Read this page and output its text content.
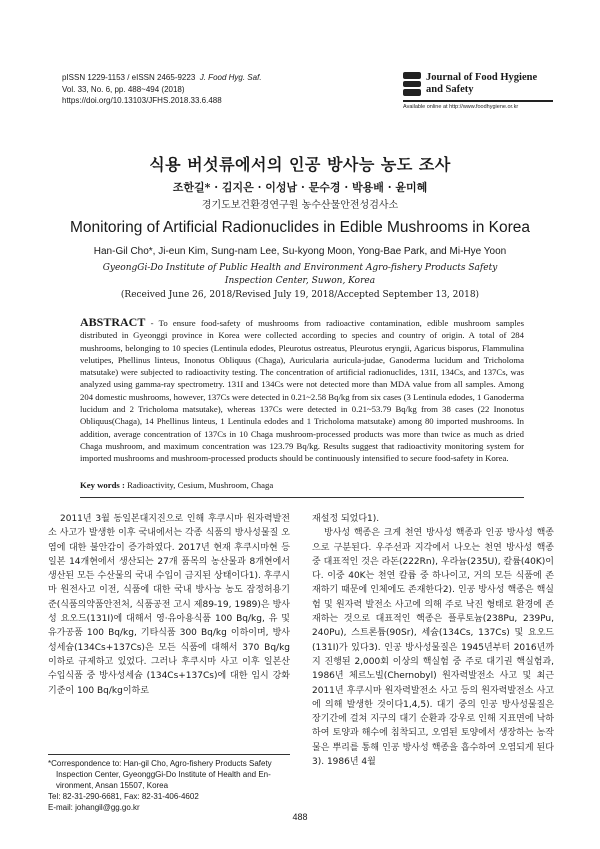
pISSN 1229-1153 / eISSN 2465-9223 J. Food Hyg. Saf.
Vol. 33, No. 6, pp. 488~494 (2018)
https://doi.org/10.13103/JFHS.2018.33.6.488
Journal of Food Hygiene
and Safety
Available online at http://www.foodhygiene.or.kr
식용 버섯류에서의 인공 방사능 농도 조사
조한길* · 김지은 · 이성남 · 문수경 · 박용배 · 윤미혜
경기도보건환경연구원 농수산물안전성검사소
Monitoring of Artificial Radionuclides in Edible Mushrooms in Korea
Han-Gil Cho*, Ji-eun Kim, Sung-nam Lee, Su-kyong Moon, Yong-Bae Park, and Mi-Hye Yoon
GyeongGi-Do Institute of Public Health and Environment Agro-fishery Products Safety
Inspection Center, Suwon, Korea
(Received June 26, 2018/Revised July 19, 2018/Accepted September 13, 2018)
ABSTRACT - To ensure food-safety of mushrooms from radioactive contamination, edible mushroom samples distributed in Gyeonggi province in Korea were collected according to species and country of origin. A total of 284 mushrooms, belonging to 10 species (Lentinula edodes, Pleurotus ostreatus, Pleurotus eryngii, Agaricus bisporus, Flammulina velutipes, Phellinus linteus, Inonotus Obliquus (Chaga), Auricularia auricula-judae, Ganoderma lucidum and Tricholoma matsutake) were subjected to radioactivity testing. The concentration of artificial radionuclides, 131I, 134Cs, and 137Cs, was analyzed using gamma-ray spectrometry. 131I and 134Cs were not detected more than MDA value from all samples. Among 204 domestic mushrooms, however, 137Cs were detected in 0.21~2.58 Bq/kg from six cases (3 Lentinula edodes, 1 Ganoderma lucidum and 2 Tricholoma matsutake), whereas 137Cs were detected in 0.21~53.79 Bq/kg from 38 cases (22 Inonotus Obliquus(Chaga), 14 Phellinus linteus, 1 Lentinula edodes and 1 Tricholoma matsutake) among 80 imported mushrooms. In addition, average concentration of 137Cs in 10 Chaga mushroom-processed products was more than twice as much as dried Chaga mushroom, and maximum concentration was 123.79 Bq/kg. Results suggest that radioactivity monitoring system for imported mushrooms and mushroom-processed products should be continuously intensified to secure food-safety in Korea.
Key words : Radioactivity, Cesium, Mushroom, Chaga

2011년 3월 동일본대지진으로 인해 후쿠시마 원자력발전소 사고가 발생한 이후 국내에서는 각종 식품의 방사성물질 오염에 대한 불안감이 증가하였다. 2017년 현재 후쿠시마현 등 일본 14개현에서 생산되는 27개 품목의 농산물과 8개현에서 생산된 모든 수산물의 국내 수입이 금지된 상태이다1). 후쿠시마 원전사고 이전, 식품에 대한 국내 방사능 농도 잠정허용기준(식품의약품안전처, 식품공전 고시 제89-19, 1989)은 방사성 요오드(131I)에 대해서 영·유아용식품 100 Bq/kg, 유 및 유가공품 100 Bq/kg, 기타식품 300 Bq/kg 이하이며, 방사성세슘(134Cs+137Cs)은 모든 식품에 대해서 370 Bq/kg 이하로 규제하고 있었다. 그러나 후쿠시마 사고 이후 일본산 수입식품 중 방사성세슘 (134Cs+137Cs)에 대한 임시 강화기준이 100 Bq/kg이하로

재설정 되었다1).

방사성 핵종은 크게 천연 방사성 핵종과 인공 방사성 핵종으로 구분된다. 우주선과 지각에서 나오는 천연 방사성 핵종 중 대표적인 것은 라돈(222Rn), 우라늄(235U), 칼륨(40K)이다. 이중 40K는 천연 칼륨 중 하나이고, 거의 모든 식품에 존재하기 때문에 인체에도 존재한다2). 인공 방사성 핵종은 핵실험 및 원자력 발전소 사고에 의해 주로 낙진 형태로 환경에 존재하는 것으로 대표적인 핵종은 플루토늄(238Pu, 239Pu, 240Pu), 스트론튬(90Sr), 세슘(134Cs, 137Cs) 및 요오드(131I)가 있다3). 인공 방사성물질은 1945년부터 2016년까지 진행된 2,000회 이상의 핵실험 중 주로 대기권 핵실험과, 1986년 체르노빌(Chernobyl) 원자력발전소 사고 및 최근 2011년 후쿠시마 원자력발전소 사고 등의 원자력발전소 사고에 의해 발생한 것이다1,4,5). 대기 중의 인공 방사성물질은 장기간에 걸쳐 지구의 대기 순환과 강우로 인해 지표면에 낙하하여 토양과 해수에 침착되고, 오염된 토양에서 생장하는 농작물은 뿌리를 통해 인공 방사성 핵종을 흡수하여 오염되게 된다3). 1986년 4월

*Correspondence to: Han-gil Cho, Agro-fishery Products Safety
Inspection Center, GyeonggGi-Do Institute of Health and En-
vironment, Ansan 15507, Korea
Tel: 82-31-290-6681, Fax: 82-31-406-4602
E-mail: johangil@gg.go.kr
488
